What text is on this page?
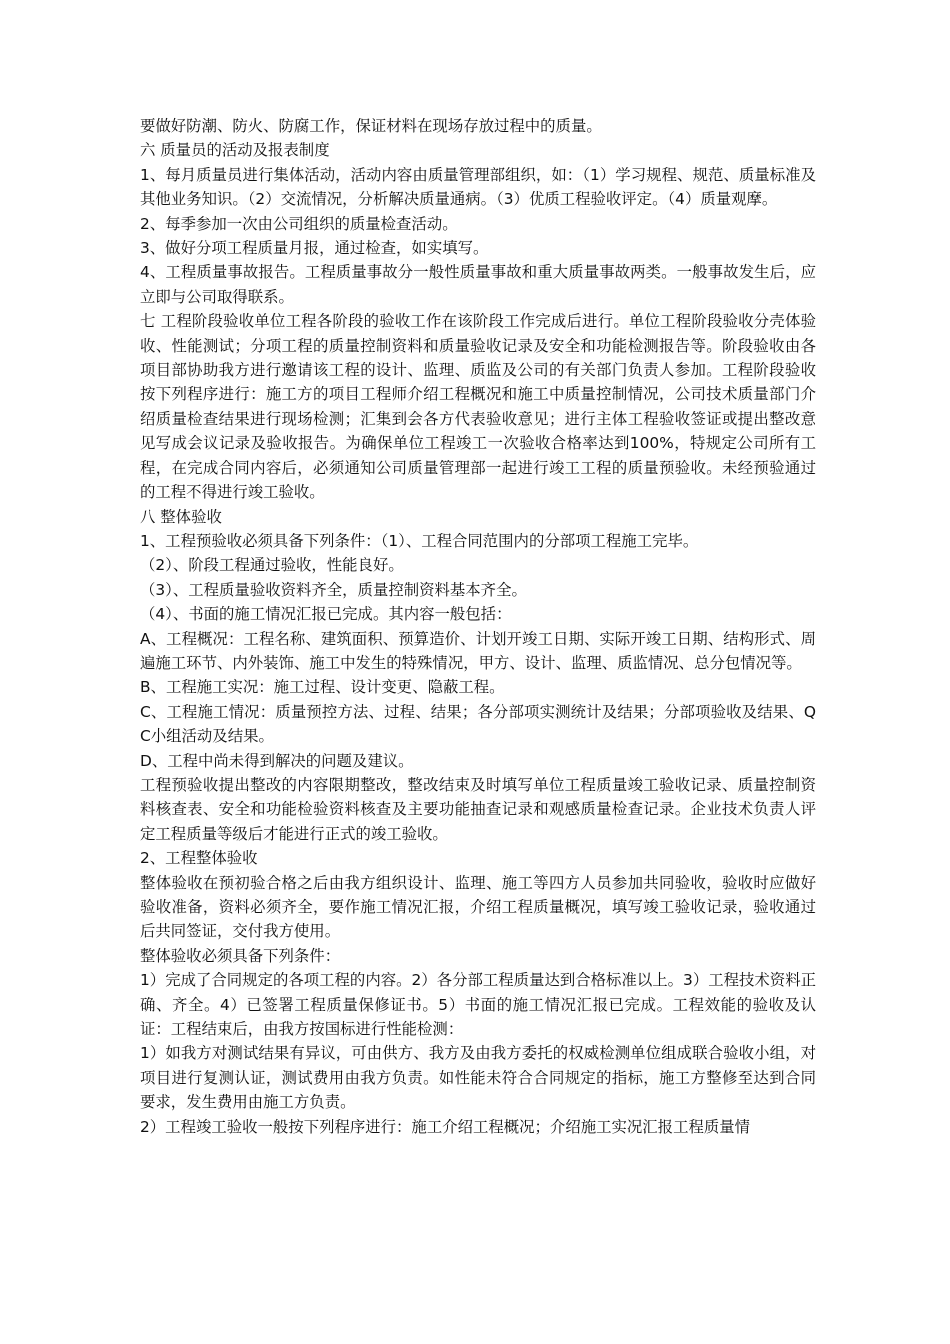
要做好防潮、防火、防腐工作，保证材料在现场存放过程中的质量。

六 质量员的活动及报表制度

1、每月质量员进行集体活动，活动内容由质量管理部组织，如：（1）学习规程、规范、质量标准及其他业务知识。（2）交流情况，分析解决质量通病。（3）优质工程验收评定。（4）质量观摩。

2、每季参加一次由公司组织的质量检查活动。

3、做好分项工程质量月报，通过检查，如实填写。

4、工程质量事故报告。工程质量事故分一般性质量事故和重大质量事故两类。一般事故发生后，应立即与公司取得联系。

七 工程阶段验收单位工程各阶段的验收工作在该阶段工作完成后进行。单位工程阶段验收分壳体验收、性能测试；分项工程的质量控制资料和质量验收记录及安全和功能检测报告等。阶段验收由各项目部协助我方进行邀请该工程的设计、监理、质监及公司的有关部门负责人参加。工程阶段验收按下列程序进行：施工方的项目工程师介绍工程概况和施工中质量控制情况，公司技术质量部门介绍质量检查结果进行现场检测；汇集到会各方代表验收意见；进行主体工程验收签证或提出整改意见写成会议记录及验收报告。为确保单位工程竣工一次验收合格率达到100%，特规定公司所有工程，在完成合同内容后，必须通知公司质量管理部一起进行竣工工程的质量预验收。未经预验通过的工程不得进行竣工验收。

八 整体验收

1、工程预验收必须具备下列条件：（1）、工程合同范围内的分部项工程施工完毕。

（2）、阶段工程通过验收，性能良好。

（3）、工程质量验收资料齐全，质量控制资料基本齐全。

（4）、书面的施工情况汇报已完成。其内容一般包括：

A、工程概况：工程名称、建筑面积、预算造价、计划开竣工日期、实际开竣工日期、结构形式、周遍施工环节、内外装饰、施工中发生的特殊情况，甲方、设计、监理、质监情况、总分包情况等。

B、工程施工实况：施工过程、设计变更、隐蔽工程。

C、工程施工情况：质量预控方法、过程、结果；各分部项实测统计及结果；分部项验收及结果、QC小组活动及结果。

D、工程中尚未得到解决的问题及建议。

工程预验收提出整改的内容限期整改，整改结束及时填写单位工程质量竣工验收记录、质量控制资料核查表、安全和功能检验资料核查及主要功能抽查记录和观感质量检查记录。企业技术负责人评定工程质量等级后才能进行正式的竣工验收。

2、工程整体验收

整体验收在预初验合格之后由我方组织设计、监理、施工等四方人员参加共同验收，验收时应做好验收准备，资料必须齐全，要作施工情况汇报，介绍工程质量概况，填写竣工验收记录，验收通过后共同签证，交付我方使用。

整体验收必须具备下列条件：

1）完成了合同规定的各项工程的内容。2）各分部工程质量达到合格标准以上。3）工程技术资料正确、齐全。4）已签署工程质量保修证书。5）书面的施工情况汇报已完成。工程效能的验收及认证：工程结束后，由我方按国标进行性能检测：

1）如我方对测试结果有异议，可由供方、我方及由我方委托的权威检测单位组成联合验收小组，对项目进行复测认证，测试费用由我方负责。如性能未符合合同规定的指标，施工方整修至达到合同要求，发生费用由施工方负责。

2）工程竣工验收一般按下列程序进行：施工介绍工程概况；介绍施工实况汇报工程质量情
